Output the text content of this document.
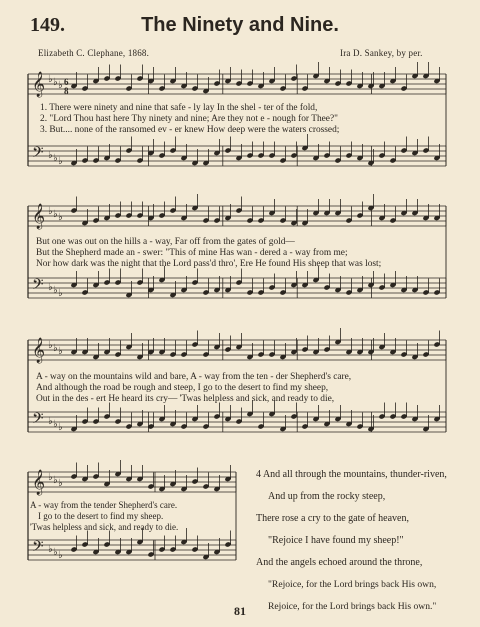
𝄞
𝄢
♭
♭
♭
♭
♭
♭
𝄞
𝄢
♭
♭
♭
♭
♭
♭
𝄞
𝄢
♭
♭
♭
♭
♭
♭
𝄞
𝄢
♭
♭
♭
♭
♭
♭
6
8
149.	The Ninety and Nine.
Elizabeth C. Clephane, 1868.	Ira D. Sankey, by per.
1. There were ninety and nine that safe - ly lay In the shel - ter of the fold,
2. "Lord Thou hast here Thy ninety and nine; Are they not e - nough for Thee?"
3. But.... none of the ransomed ev - er knew How deep were the waters crossed;
But one was out on the hills a - way, Far off from the gates of gold—
But the Shepherd made an - swer: "This of mine Has wan - dered a - way from me;
Nor how dark was the night that the Lord pass'd thro', Ere He found His sheep that was lost;
A - way on the mountains wild and bare, A - way from the ten - der Shepherd's care,
And although the road be rough and steep, I go to the desert to find my sheep,
Out in the des - ert He heard its cry— 'Twas helpless and sick, and ready to die,
A - way from the tender Shepherd's care.
I go to the desert to find my sheep.
'Twas helpless and sick, and ready to die.
4 And all through the mountains, thunder-riven,
And up from the rocky steep,
There rose a cry to the gate of heaven,
"Rejoice I have found my sheep!"
And the angels echoed around the throne,
"Rejoice, for the Lord brings back His own,
Rejoice, for the Lord brings back His own."
81
